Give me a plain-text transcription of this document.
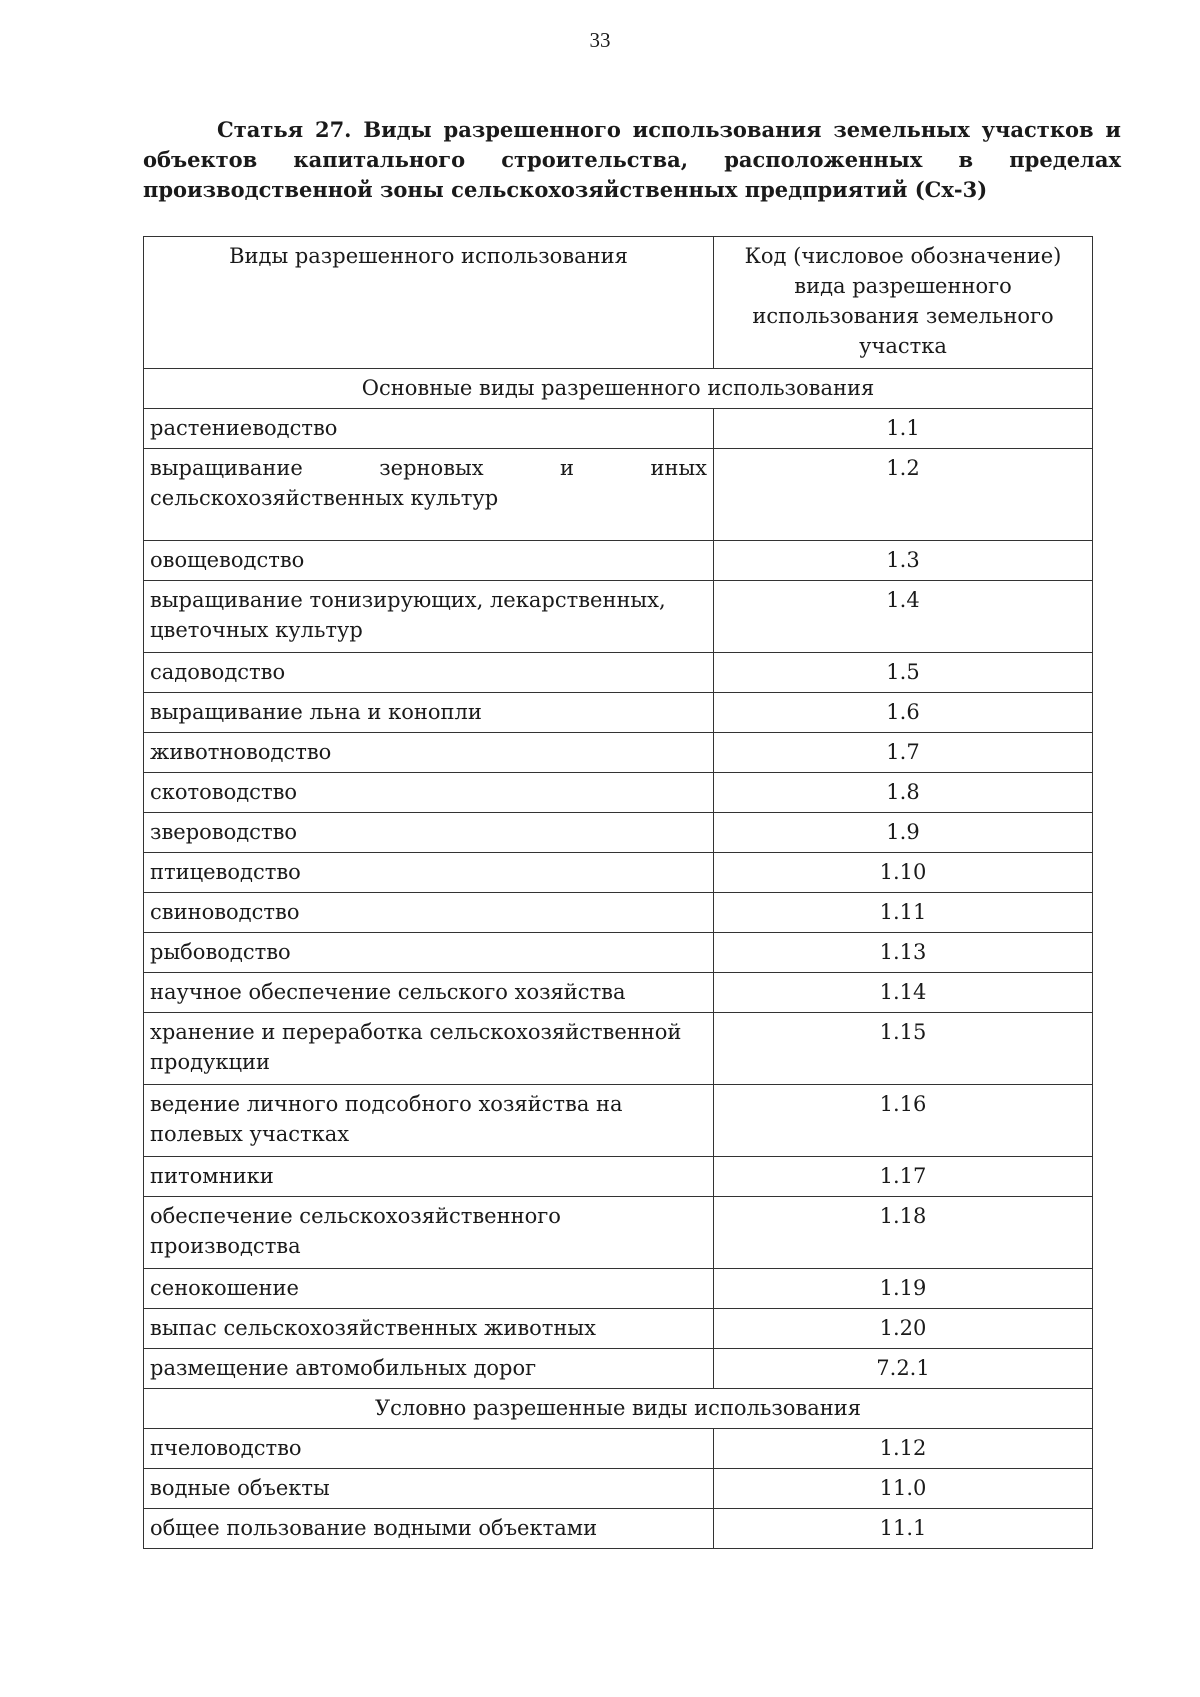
33

Статья 27. Виды разрешенного использования земельных участков и объектов капитального строительства, расположенных в пределах производственной зоны сельскохозяйственных предприятий (Сх-3)

Виды разрешенного использования	Код (числовое обозначение) вида разрешенного использования земельного участка
Основные виды разрешенного использования	
растениеводство	1.1
выращивание зерновых и иных сельскохозяйственных культур	1.2
овощеводство	1.3
выращивание тонизирующих, лекарственных, цветочных культур	1.4
садоводство	1.5
выращивание льна и конопли	1.6
животноводство	1.7
скотоводство	1.8
звероводство	1.9
птицеводство	1.10
свиноводство	1.11
рыбоводство	1.13
научное обеспечение сельского хозяйства	1.14
хранение и переработка сельскохозяйственной продукции	1.15
ведение личного подсобного хозяйства на полевых участках	1.16
питомники	1.17
обеспечение сельскохозяйственного производства	1.18
сенокошение	1.19
выпас сельскохозяйственных животных	1.20
размещение автомобильных дорог	7.2.1
Условно разрешенные виды использования	
пчеловодство	1.12
водные объекты	11.0
общее пользование водными объектами	11.1
